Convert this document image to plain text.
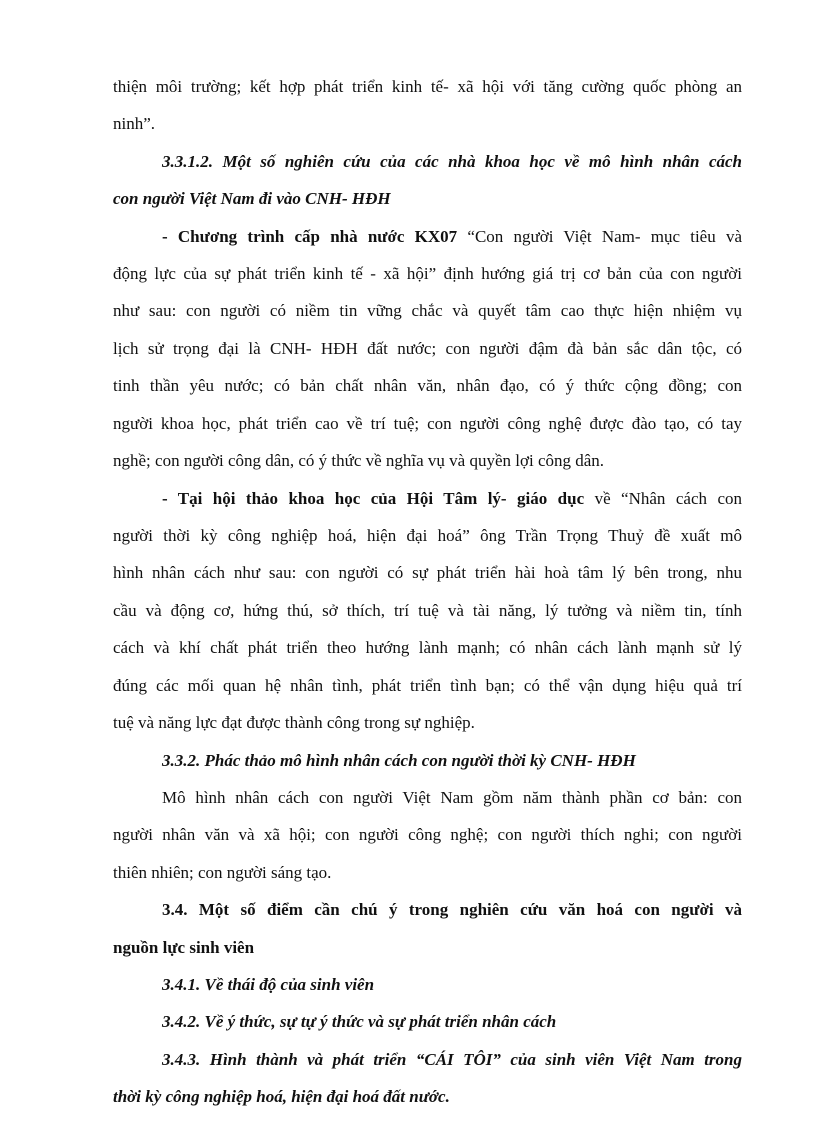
thiện môi trường; kết hợp phát triển kinh tế- xã hội với tăng cường quốc phòng an
ninh”.
3.3.1.2. Một số nghiên cứu của các nhà khoa học về mô hình nhân cách
con người Việt Nam đi vào CNH- HĐH
- Chương trình cấp nhà nước KX07 “Con người Việt Nam- mục tiêu và
động lực của sự phát triển kinh tế - xã hội” định hướng giá trị cơ bản của con người
như sau: con người có niềm tin vững chắc và quyết tâm cao thực hiện nhiệm vụ
lịch sử trọng đại là CNH- HĐH đất nước; con người đậm đà bản sắc dân tộc, có
tinh thần yêu nước; có bản chất nhân văn, nhân đạo, có ý thức cộng đồng; con
người khoa học, phát triển cao về trí tuệ; con người công nghệ được đào tạo, có tay
nghề; con người công dân, có ý thức về nghĩa vụ và quyền lợi công dân.
- Tại hội thảo khoa học của Hội Tâm lý- giáo dục về “Nhân cách con
người thời kỳ công nghiệp hoá, hiện đại hoá” ông Trần Trọng Thuỷ đề xuất mô
hình nhân cách như sau: con người có sự phát triển hài hoà tâm lý bên trong, nhu
cầu và động cơ, hứng thú, sở thích, trí tuệ và tài năng, lý tưởng và niềm tin, tính
cách và khí chất phát triển theo hướng lành mạnh; có nhân cách lành mạnh sử lý
đúng các mối quan hệ nhân tình, phát triển tình bạn; có thể vận dụng hiệu quả trí
tuệ và năng lực đạt được thành công trong sự nghiệp.
3.3.2. Phác thảo mô hình nhân cách con người thời kỳ CNH- HĐH
Mô hình nhân cách con người Việt Nam gồm năm thành phần cơ bản: con
người nhân văn và xã hội; con người công nghệ; con người thích nghi; con người
thiên nhiên; con người sáng tạo.
3.4. Một số điểm cần chú ý trong nghiên cứu văn hoá con người và
nguồn lực sinh viên
3.4.1. Về thái độ của sinh viên
3.4.2. Về ý thức, sự tự ý thức và sự phát triển nhân cách
3.4.3. Hình thành và phát triển “CÁI TÔI” của sinh viên Việt Nam trong
thời kỳ công nghiệp hoá, hiện đại hoá đất nước.
